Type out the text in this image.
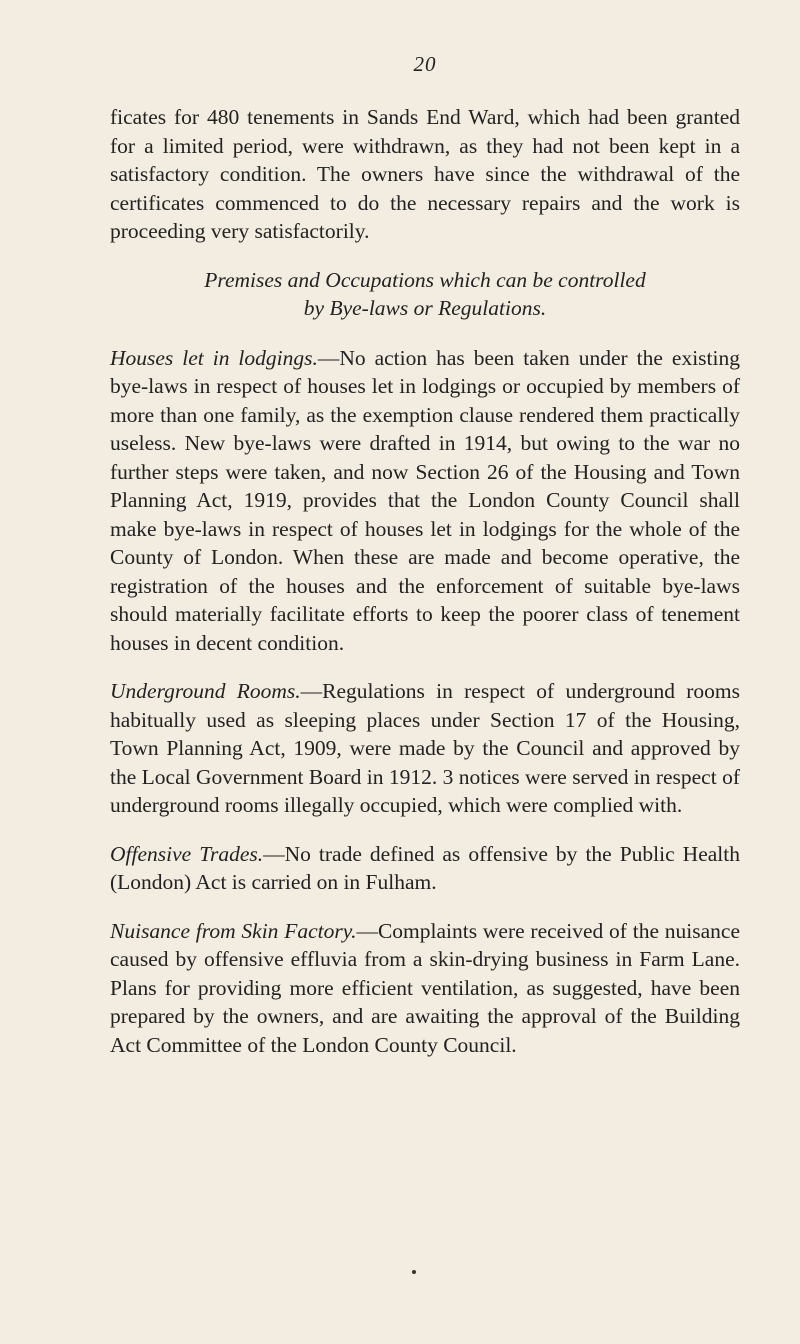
20

ficates for 480 tenements in Sands End Ward, which had been granted for a limited period, were withdrawn, as they had not been kept in a satisfactory condition. The owners have since the withdrawal of the certificates commenced to do the necessary repairs and the work is proceeding very satisfactorily.

Premises and Occupations which can be controlled
by Bye-laws or Regulations.

Houses let in lodgings.—No action has been taken under the existing bye-laws in respect of houses let in lodgings or occupied by members of more than one family, as the exemption clause rendered them practically useless. New bye-laws were drafted in 1914, but owing to the war no further steps were taken, and now Section 26 of the Housing and Town Planning Act, 1919, provides that the London County Council shall make bye-laws in respect of houses let in lodgings for the whole of the County of London. When these are made and become operative, the registration of the houses and the enforcement of suitable bye-laws should materially facilitate efforts to keep the poorer class of tenement houses in decent condition.

Underground Rooms.—Regulations in respect of underground rooms habitually used as sleeping places under Section 17 of the Housing, Town Planning Act, 1909, were made by the Council and approved by the Local Government Board in 1912. 3 notices were served in respect of underground rooms illegally occupied, which were complied with.

Offensive Trades.—No trade defined as offensive by the Public Health (London) Act is carried on in Fulham.

Nuisance from Skin Factory.—Complaints were received of the nuisance caused by offensive effluvia from a skin-drying business in Farm Lane. Plans for providing more efficient ventilation, as suggested, have been prepared by the owners, and are awaiting the approval of the Building Act Committee of the London County Council.
